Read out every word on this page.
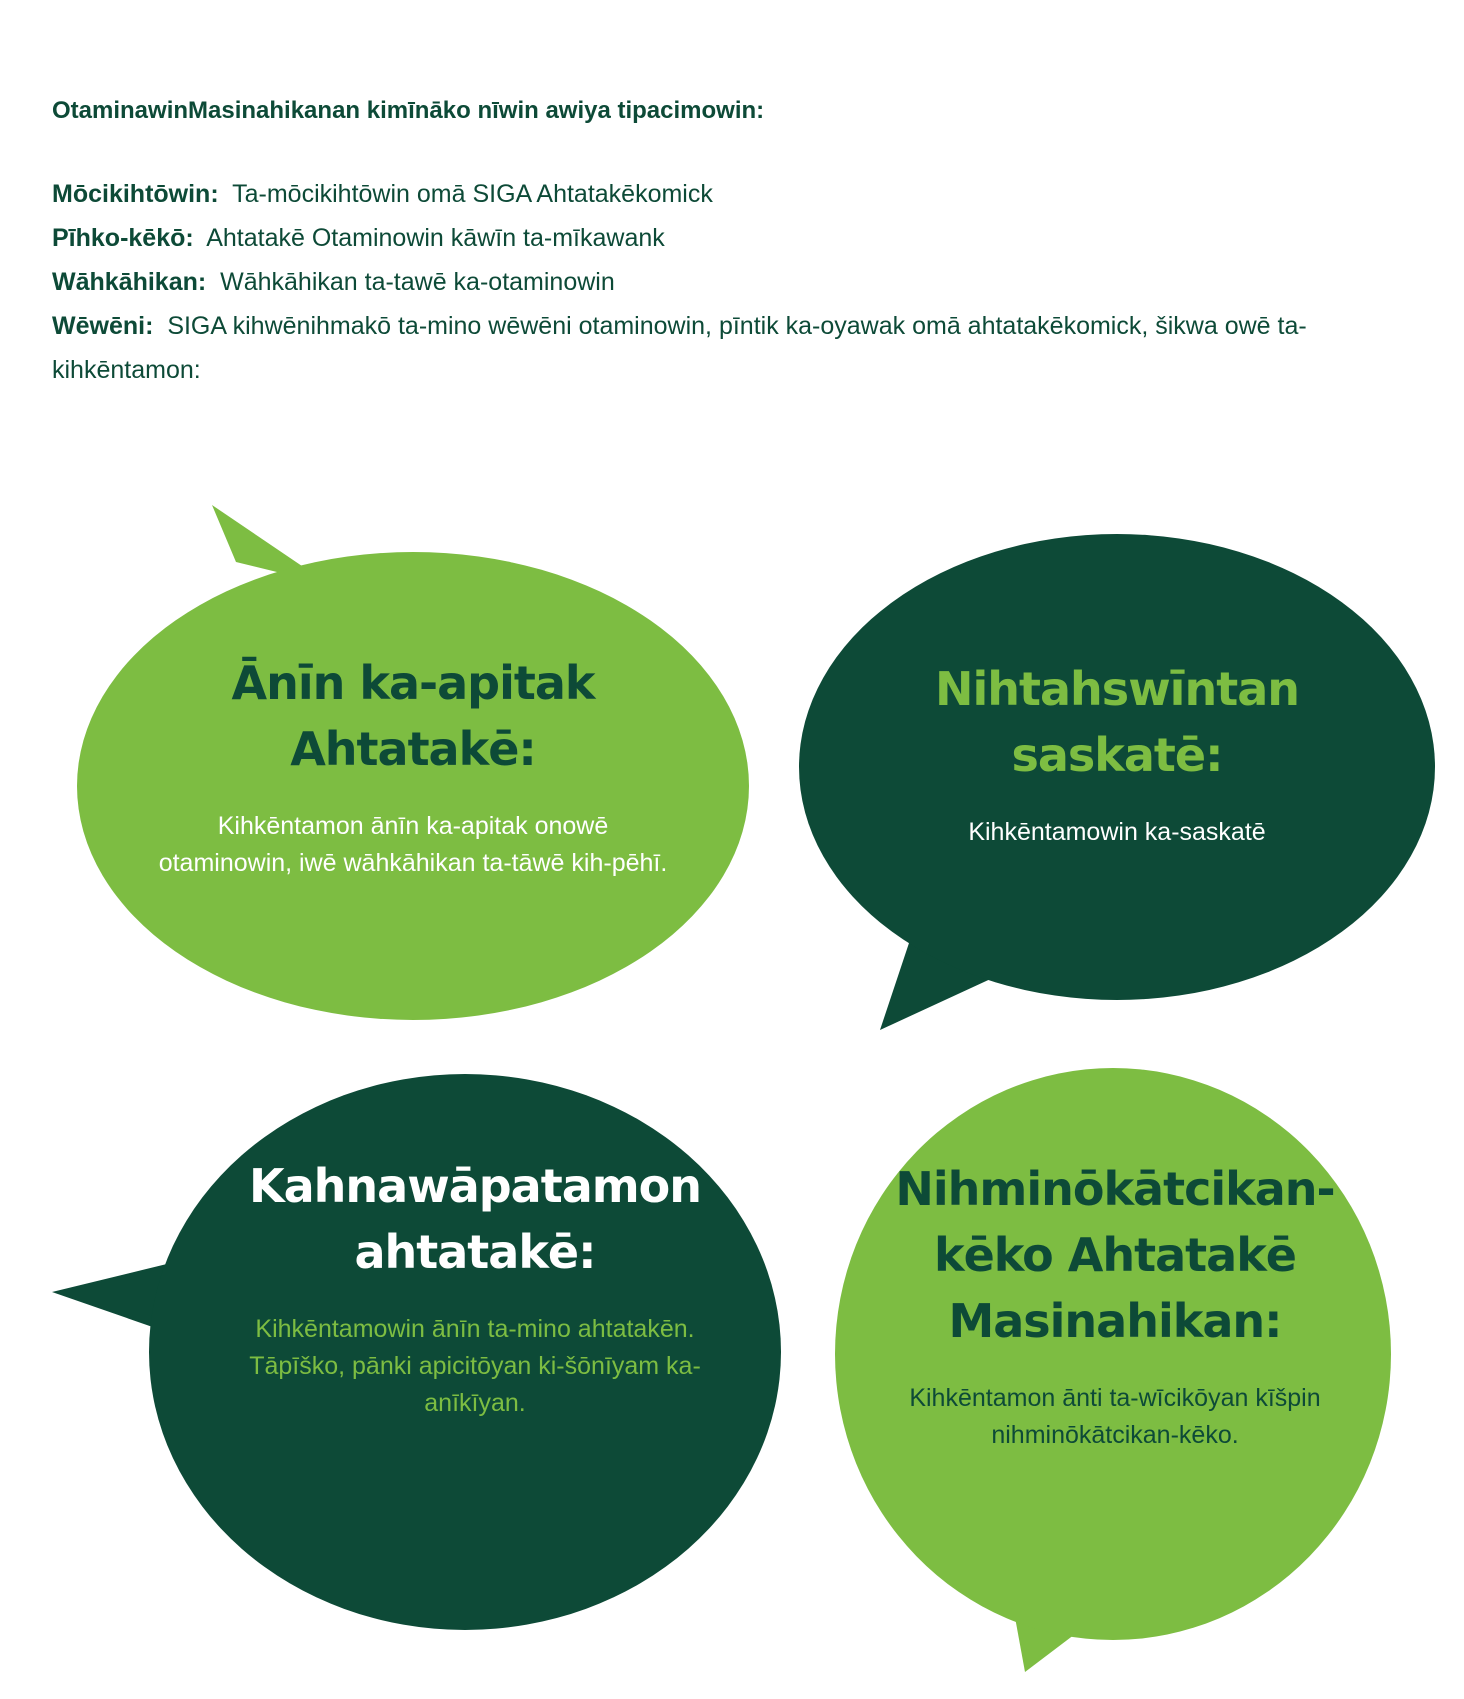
OtaminawinMasinahikanan kimīnāko nīwin awiya tipacimowin:

Mōcikihtōwin: Ta-mōcikihtōwin omā SIGA Ahtatakēkomick

Pīhko-kēkō: Ahtatakē Otaminowin kāwīn ta-mīkawank

Wāhkāhikan: Wāhkāhikan ta-tawē ka-otaminowin

Wēwēni: SIGA kihwēnihmakō ta-mino wēwēni otaminowin, pīntik ka-oyawak omā ahtatakēkomick, šikwa owē ta-kihkēntamon:

Ānīn ka-apitak
Ahtatakē:
Kihkēntamon ānīn ka-apitak onowē otaminowin, iwē wāhkāhikan ta-tāwē kih-pēhī.
Nihtahswīntan
saskatē:
Kihkēntamowin ka-saskatē
Kahnawāpatamon
ahtatakē:
Kihkēntamowin ānīn ta-mino ahtatakēn. Tāpīško, pānki apicitōyan ki-šōnīyam ka-anīkīyan.
Nihminōkātcikan-
kēko Ahtatakē
Masinahikan:
Kihkēntamon ānti ta-wīcikōyan kīšpin nihminōkātcikan-kēko.
